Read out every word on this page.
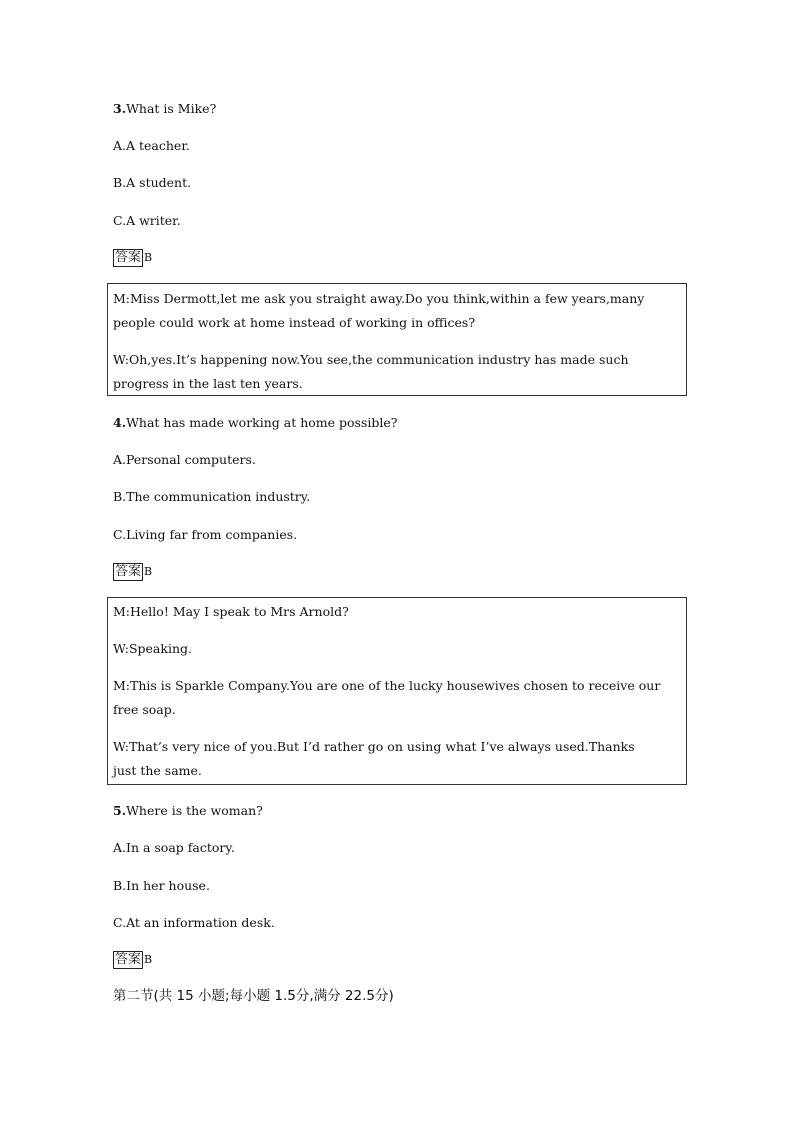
3.What is Mike?
A.A teacher.
B.A student.
C.A writer.
答案 B
M:Miss Dermott,let me ask you straight away.Do you think,within a few years,many
people could work at home instead of working in offices?
W:Oh,yes.It’s happening now.You see,the communication industry has made such
progress in the last ten years.
4.What has made working at home possible?
A.Personal computers.
B.The communication industry.
C.Living far from companies.
答案 B
M:Hello! May I speak to Mrs Arnold?
W:Speaking.
M:This is Sparkle Company.You are one of the lucky housewives chosen to receive our
free soap.
W:That’s very nice of you.But I’d rather go on using what I’ve always used.Thanks
just the same.
5.Where is the woman?
A.In a soap factory.
B.In her house.
C.At an information desk.
答案 B
第二节(共 15 小题;每小题 1.5分,满分 22.5分)
